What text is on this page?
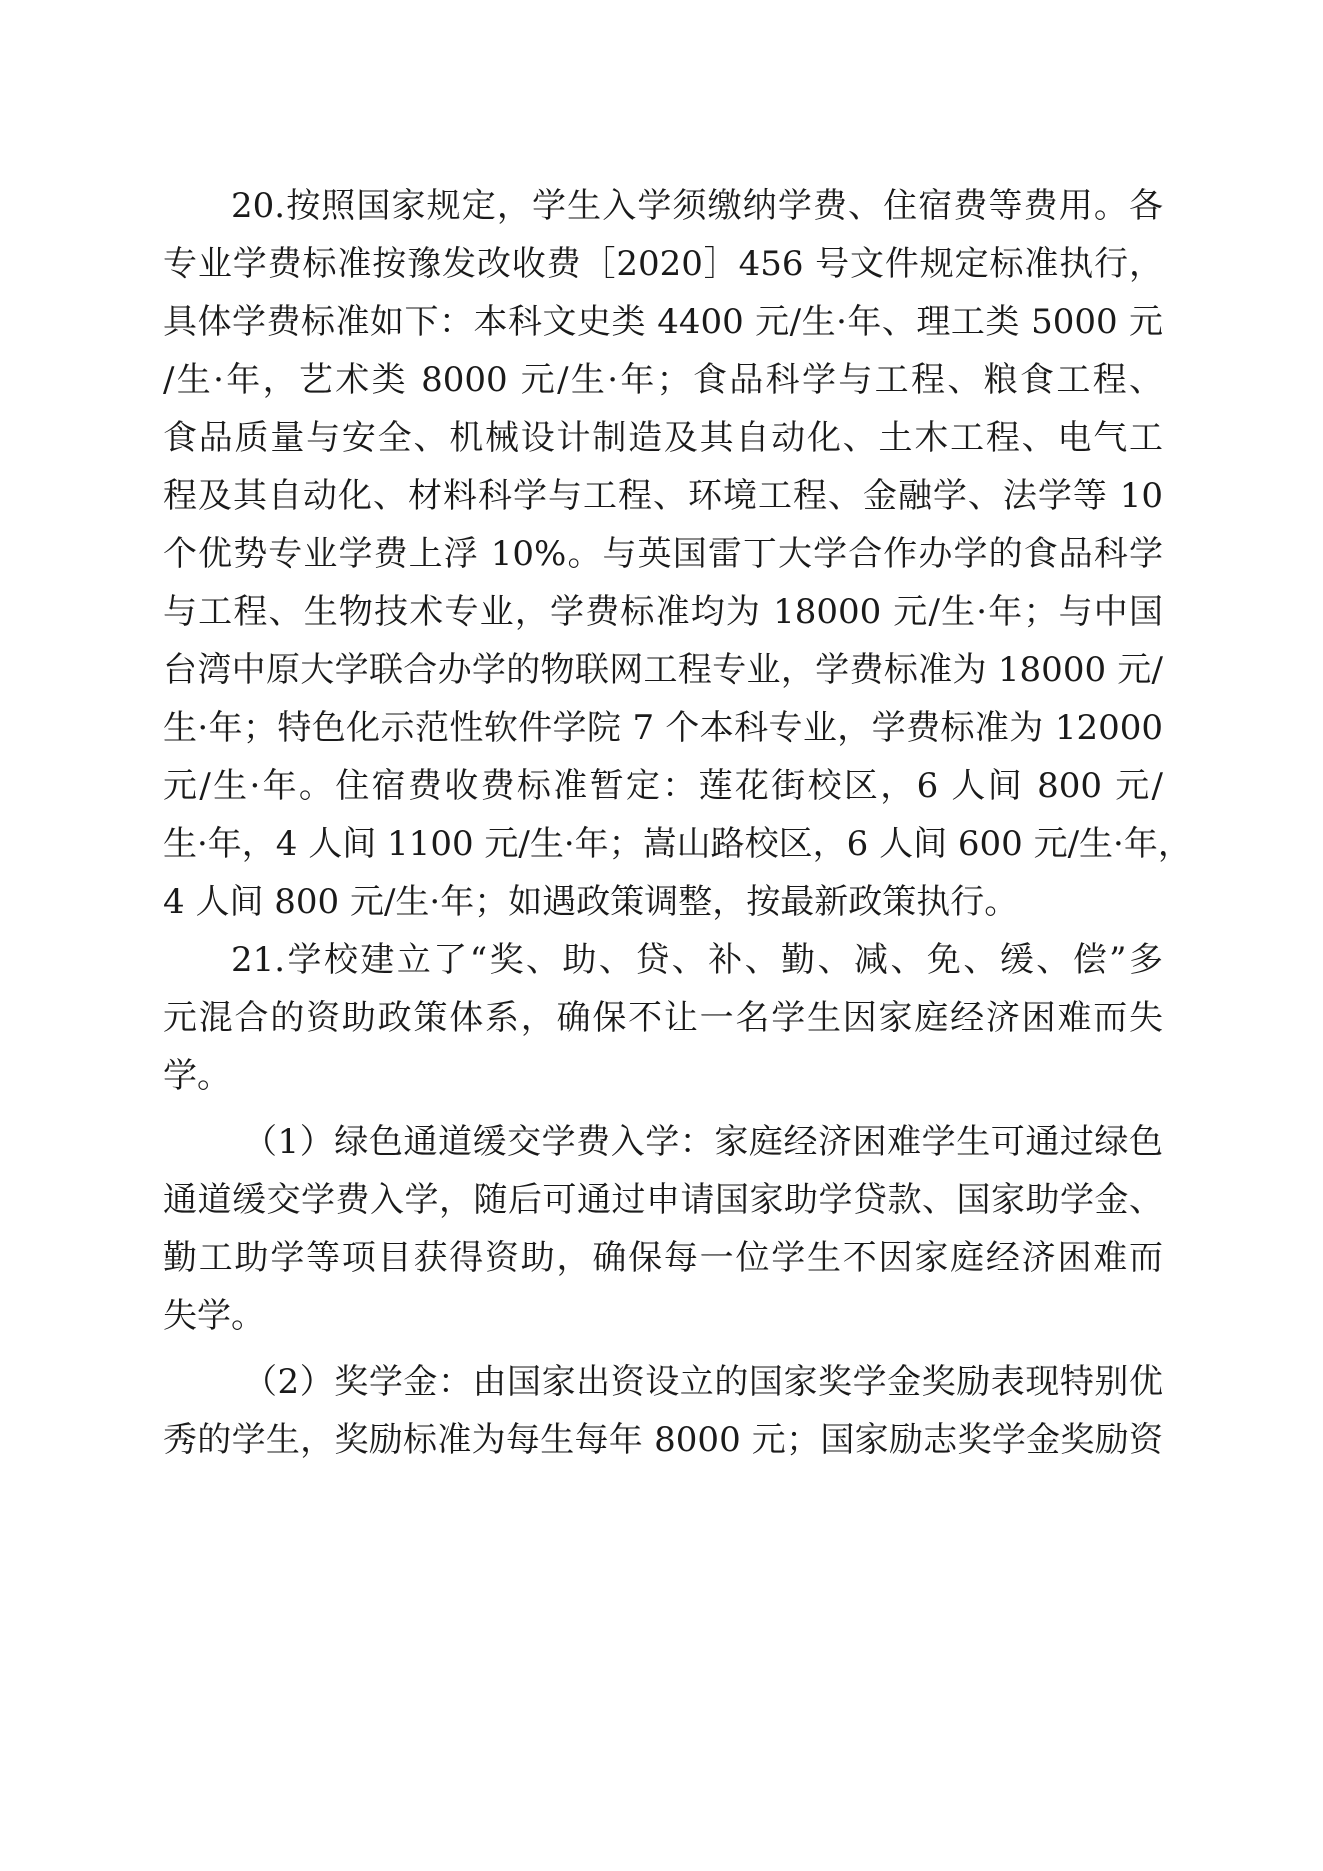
20.按照国家规定，学生入学须缴纳学费、住宿费等费用。各
专业学费标准按豫发改收费［2020］456 号文件规定标准执行，
具体学费标准如下：本科文史类 4400 元/生·年、理工类 5000 元
/生·年，艺术类 8000 元/生·年；食品科学与工程、粮食工程、
食品质量与安全、机械设计制造及其自动化、土木工程、电气工
程及其自动化、材料科学与工程、环境工程、金融学、法学等 10
个优势专业学费上浮 10%。与英国雷丁大学合作办学的食品科学
与工程、生物技术专业，学费标准均为 18000 元/生·年；与中国
台湾中原大学联合办学的物联网工程专业，学费标准为 18000 元/
生·年；特色化示范性软件学院 7 个本科专业，学费标准为 12000
元/生·年。住宿费收费标准暂定：莲花街校区，6 人间 800 元/
生·年，4 人间 1100 元/生·年；嵩山路校区，6 人间 600 元/生·年，
4 人间 800 元/生·年；如遇政策调整，按最新政策执行。
21.学校建立了“奖、助、贷、补、勤、减、免、缓、偿”多
元混合的资助政策体系，确保不让一名学生因家庭经济困难而失
学。
（1）绿色通道缓交学费入学：家庭经济困难学生可通过绿色
通道缓交学费入学，随后可通过申请国家助学贷款、国家助学金、
勤工助学等项目获得资助，确保每一位学生不因家庭经济困难而
失学。
（2）奖学金：由国家出资设立的国家奖学金奖励表现特别优
秀的学生，奖励标准为每生每年 8000 元；国家励志奖学金奖励资
